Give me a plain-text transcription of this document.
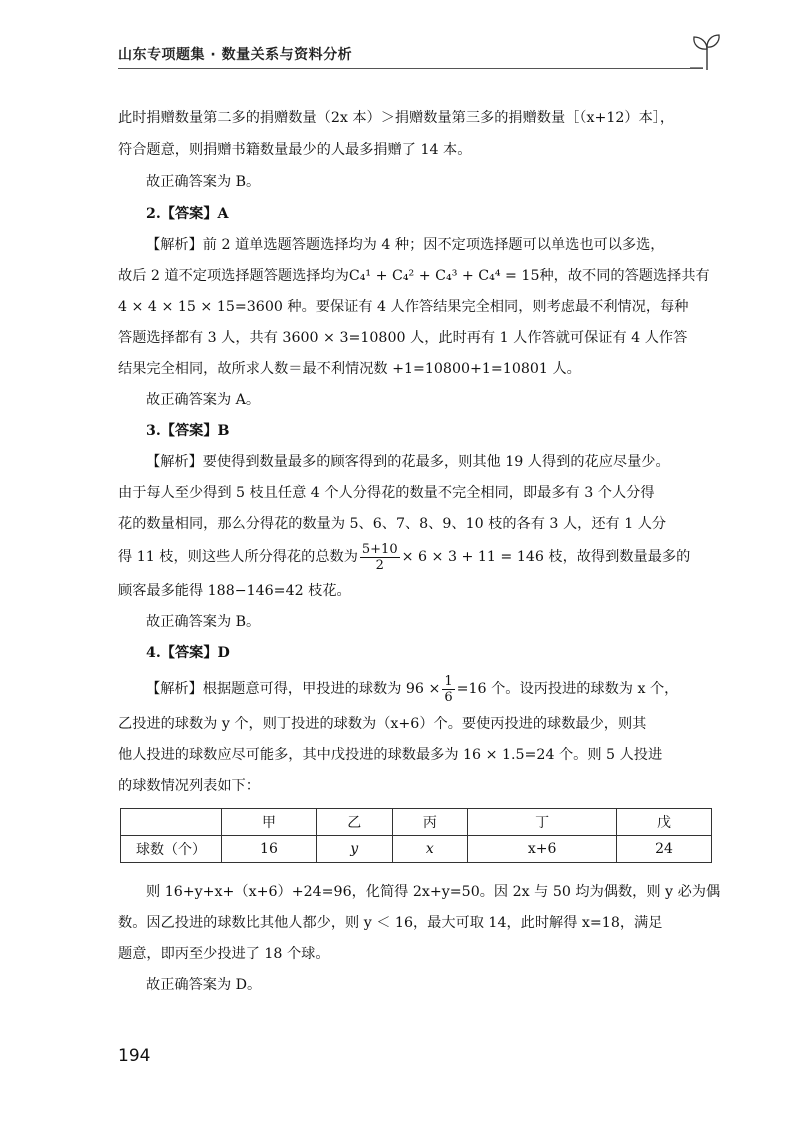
山东专项题集 · 数量关系与资料分析
此时捐赠数量第二多的捐赠数量（2x 本）＞捐赠数量第三多的捐赠数量［（x+12）本］，
符合题意，则捐赠书籍数量最少的人最多捐赠了 14 本。
故正确答案为 B。
2.【答案】A
【解析】前 2 道单选题答题选择均为 4 种；因不定项选择题可以单选也可以多选，
故后 2 道不定项选择题答题选择均为C₄¹ + C₄² + C₄³ + C₄⁴ = 15种，故不同的答题选择共有
4 × 4 × 15 × 15=3600 种。要保证有 4 人作答结果完全相同，则考虑最不利情况，每种
答题选择都有 3 人，共有 3600 × 3=10800 人，此时再有 1 人作答就可保证有 4 人作答
结果完全相同，故所求人数＝最不利情况数 +1=10800+1=10801 人。
故正确答案为 A。
3.【答案】B
【解析】要使得到数量最多的顾客得到的花最多，则其他 19 人得到的花应尽量少。
由于每人至少得到 5 枝且任意 4 个人分得花的数量不完全相同，即最多有 3 个人分得
花的数量相同，那么分得花的数量为 5、6、7、8、9、10 枝的各有 3 人，还有 1 人分
得 11 枝，则这些人所分得花的总数为 $\frac{5+10}{2} \times 6 \times 3 + 11 = 146$ 枝，故得到数量最多的
顾客最多能得 188−146=42 枝花。
故正确答案为 B。
4.【答案】D
【解析】根据题意可得，甲投进的球数为 $96 \times \frac{1}{6} =16$ 个。设丙投进的球数为 x 个，
乙投进的球数为 y 个，则丁投进的球数为（x+6）个。要使丙投进的球数最少，则其
他人投进的球数应尽可能多，其中戊投进的球数最多为 16 × 1.5=24 个。则 5 人投进
的球数情况列表如下：
	甲	乙	丙	丁	戊
球数（个）	16	y	x	x+6	24
则 16+y+x+（x+6）+24=96，化简得 2x+y=50。因 2x 与 50 均为偶数，则 y 必为偶
数。因乙投进的球数比其他人都少，则 y ＜ 16，最大可取 14，此时解得 x=18，满足
题意，即丙至少投进了 18 个球。
故正确答案为 D。
194
